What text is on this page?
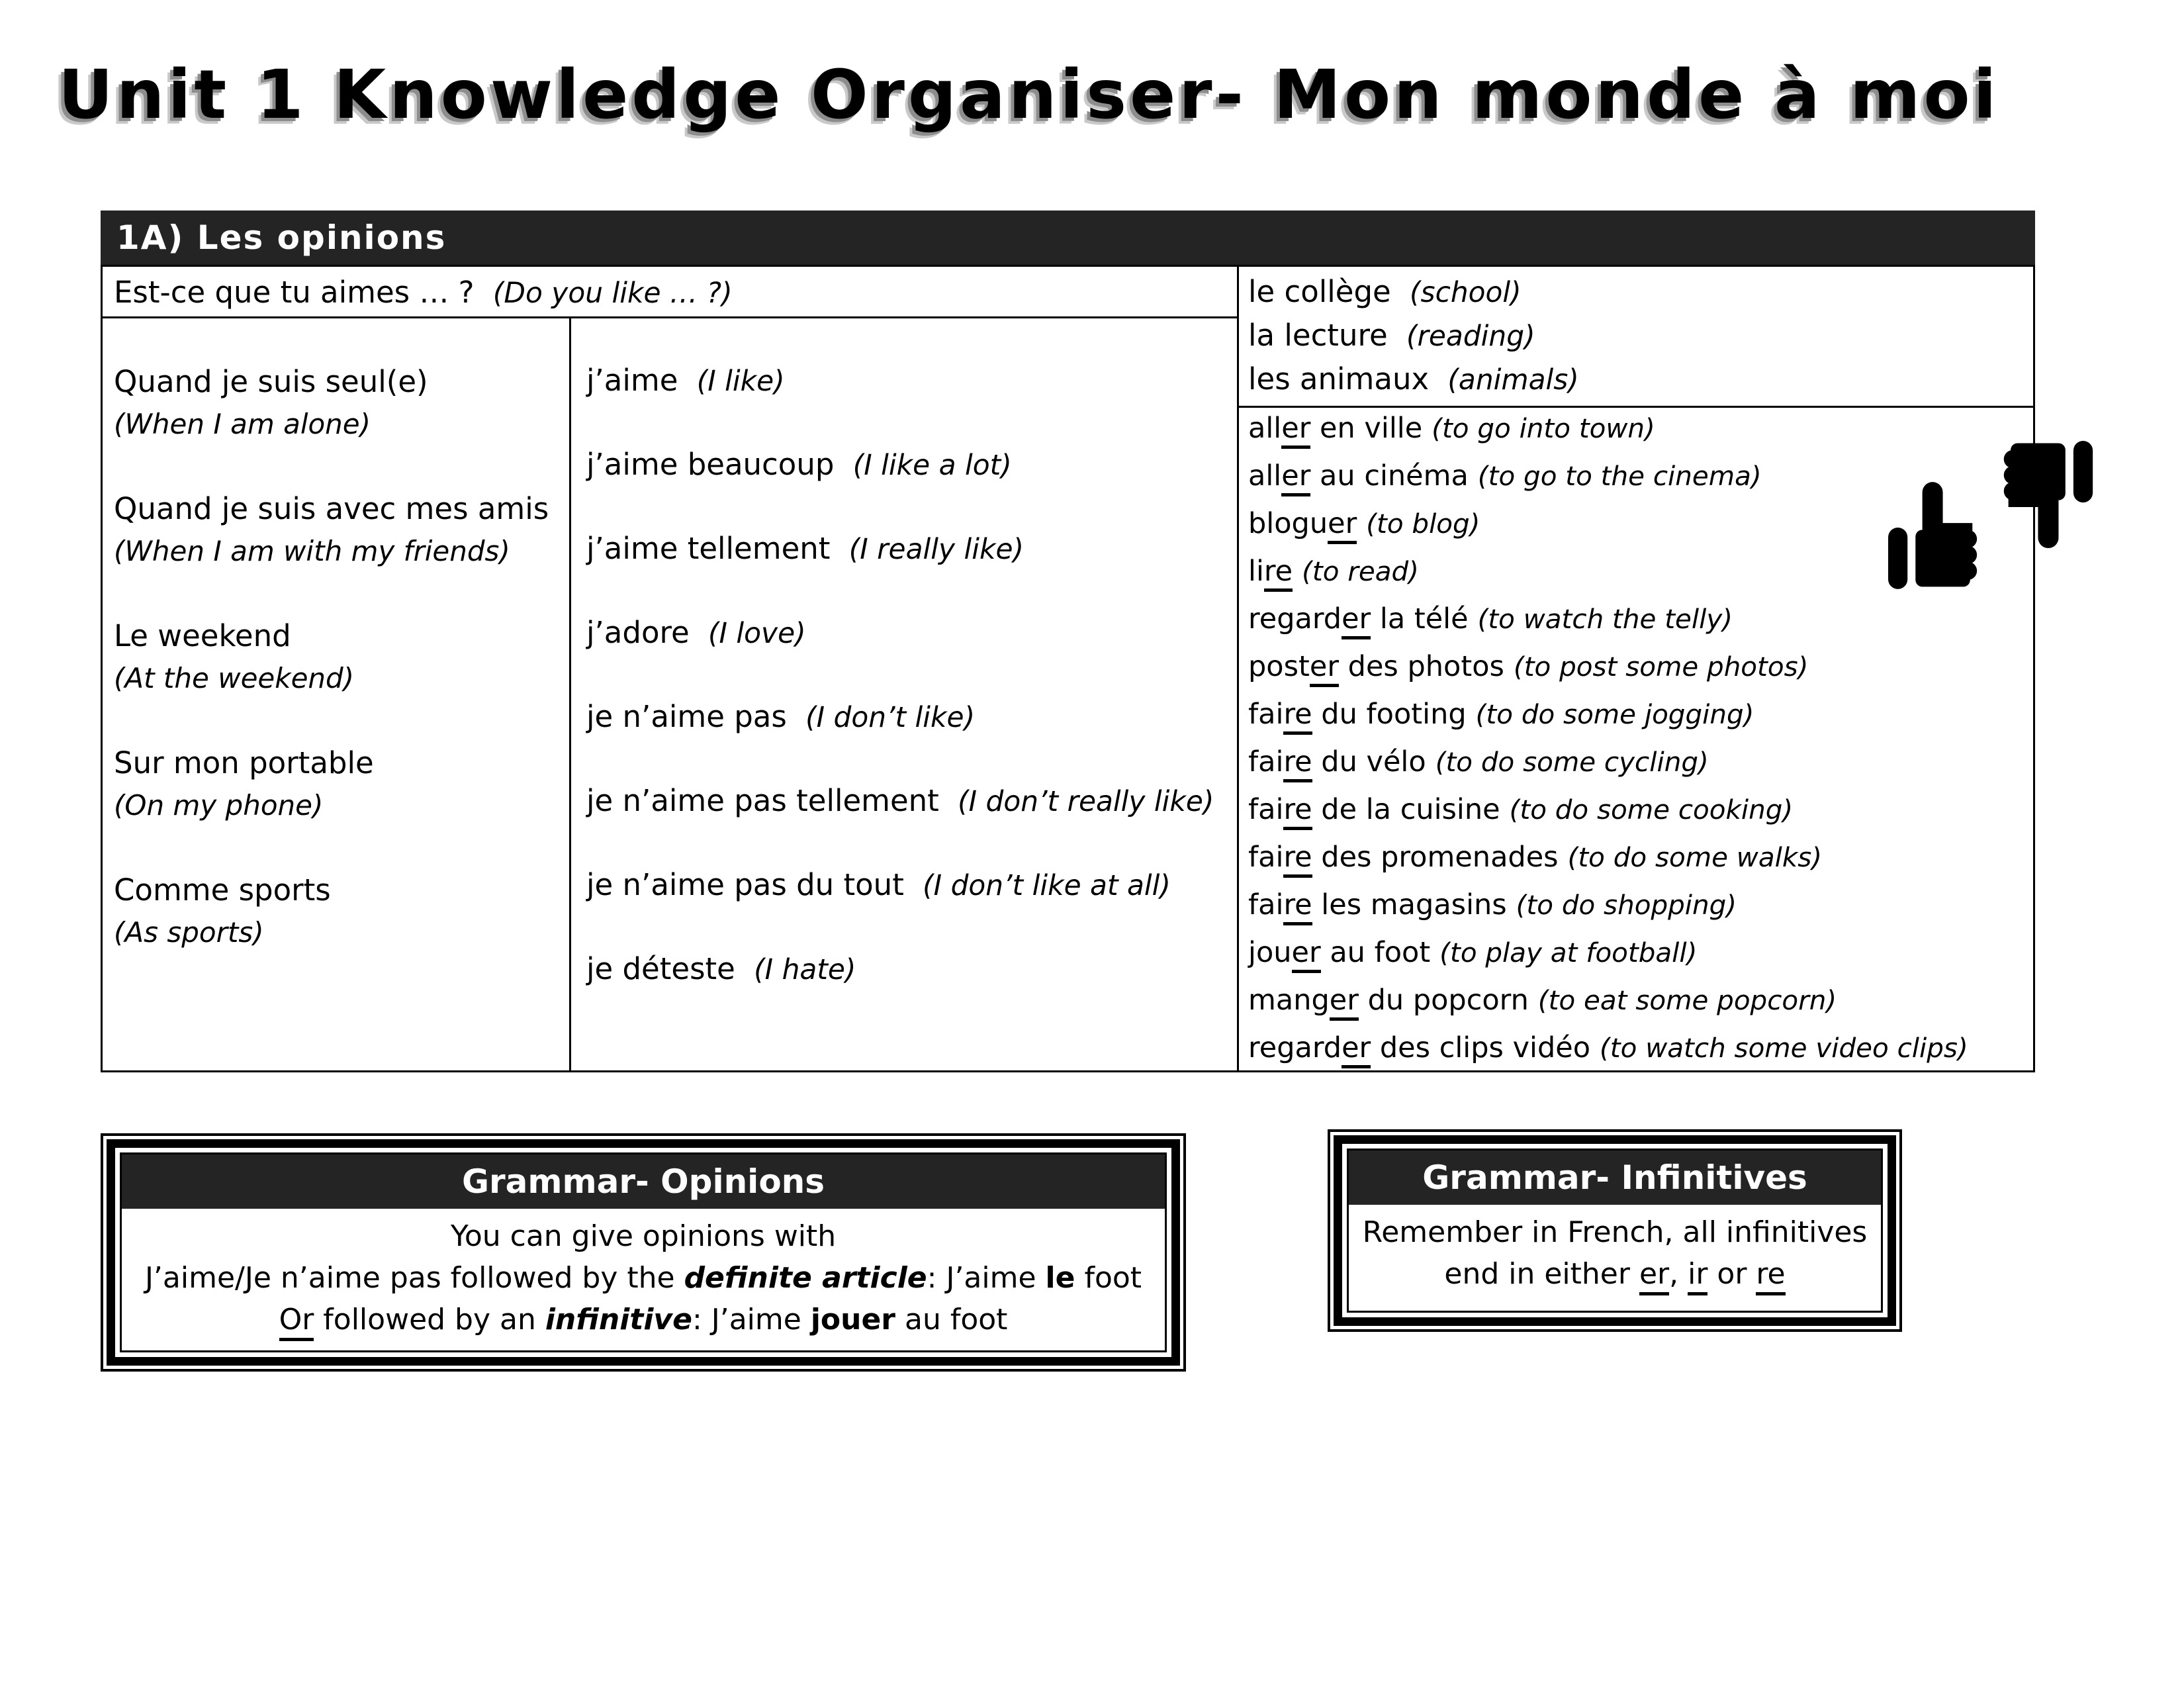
Unit 1 Knowledge Organiser- Mon monde à moi
1A) Les opinions
Est-ce que tu aimes … ? (Do you like … ?)	le collège (school)
la lecture (reading)
les animaux (animals)
Quand je suis seul(e)
(When I am alone)
Quand je suis avec mes amis
(When I am with my friends)
Le weekend
(At the weekend)
Sur mon portable
(On my phone)
Comme sports
(As sports)
j’aime (I like)
j’aime beaucoup (I like a lot)
j’aime tellement (I really like)
j’adore (I love)
je n’aime pas (I don’t like)
je n’aime pas tellement (I don’t really like)
je n’aime pas du tout (I don’t like at all)
je déteste (I hate)
aller en ville (to go into town)
aller au cinéma (to go to the cinema)
bloguer (to blog)
lire (to read)
regarder la télé (to watch the telly)
poster des photos (to post some photos)
faire du footing (to do some jogging)
faire du vélo (to do some cycling)
faire de la cuisine (to do some cooking)
faire des promenades (to do some walks)
faire les magasins (to do shopping)
jouer au foot (to play at football)
manger du popcorn (to eat some popcorn)
regarder des clips vidéo (to watch some video clips)
Grammar- Opinions
You can give opinions with
J’aime/Je n’aime pas followed by the definite article: J’aime le foot
Or followed by an infinitive: J’aime jouer au foot
Grammar- Infinitives
Remember in French, all infinitives
end in either er, ir or re
